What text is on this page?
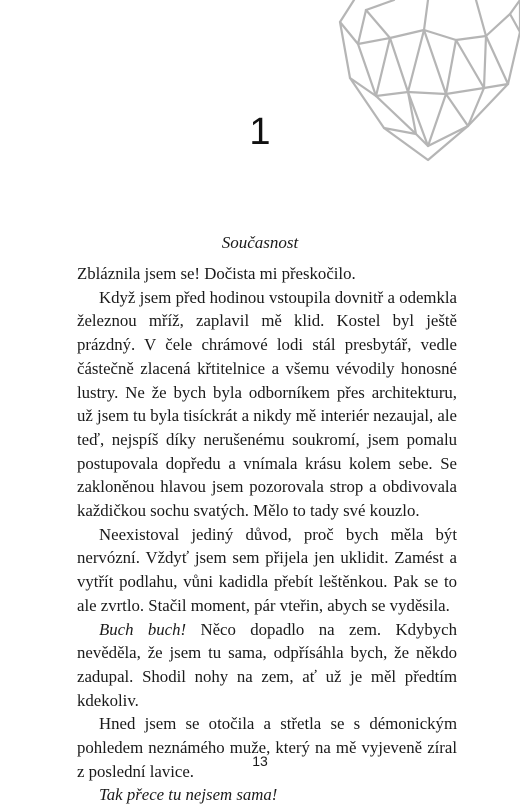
1
Současnost

Zbláznila jsem se! Dočista mi přeskočilo.

Když jsem před hodinou vstoupila dovnitř a odemkla železnou mříž, zaplavil mě klid. Kostel byl ještě prázdný. V čele chrámové lodi stál presbytář, vedle částečně zlacená křtitelnice a všemu vévodily honosné lustry. Ne že bych byla odborníkem přes architekturu, už jsem tu byla tisíckrát a nikdy mě interiér nezaujal, ale teď, nejspíš díky nerušenému soukromí, jsem pomalu postupovala dopředu a vnímala krásu kolem sebe. Se zakloněnou hlavou jsem pozorovala strop a obdivovala každičkou sochu svatých. Mělo to tady své kouzlo.

Neexistoval jediný důvod, proč bych měla být nervózní. Vždyť jsem sem přijela jen uklidit. Zamést a vytřít podlahu, vůni kadidla přebít leštěnkou. Pak se to ale zvrtlo. Stačil moment, pár vteřin, abych se vyděsila.

Buch buch! Něco dopadlo na zem. Kdybych nevěděla, že jsem tu sama, odpřísáhla bych, že někdo zadupal. Shodil nohy na zem, ať už je měl předtím kdekoliv.

Hned jsem se otočila a střetla se s démonickým pohledem neznámého muže, který na mě vyjeveně zíral z poslední lavice.

Tak přece tu nejsem sama!

13
